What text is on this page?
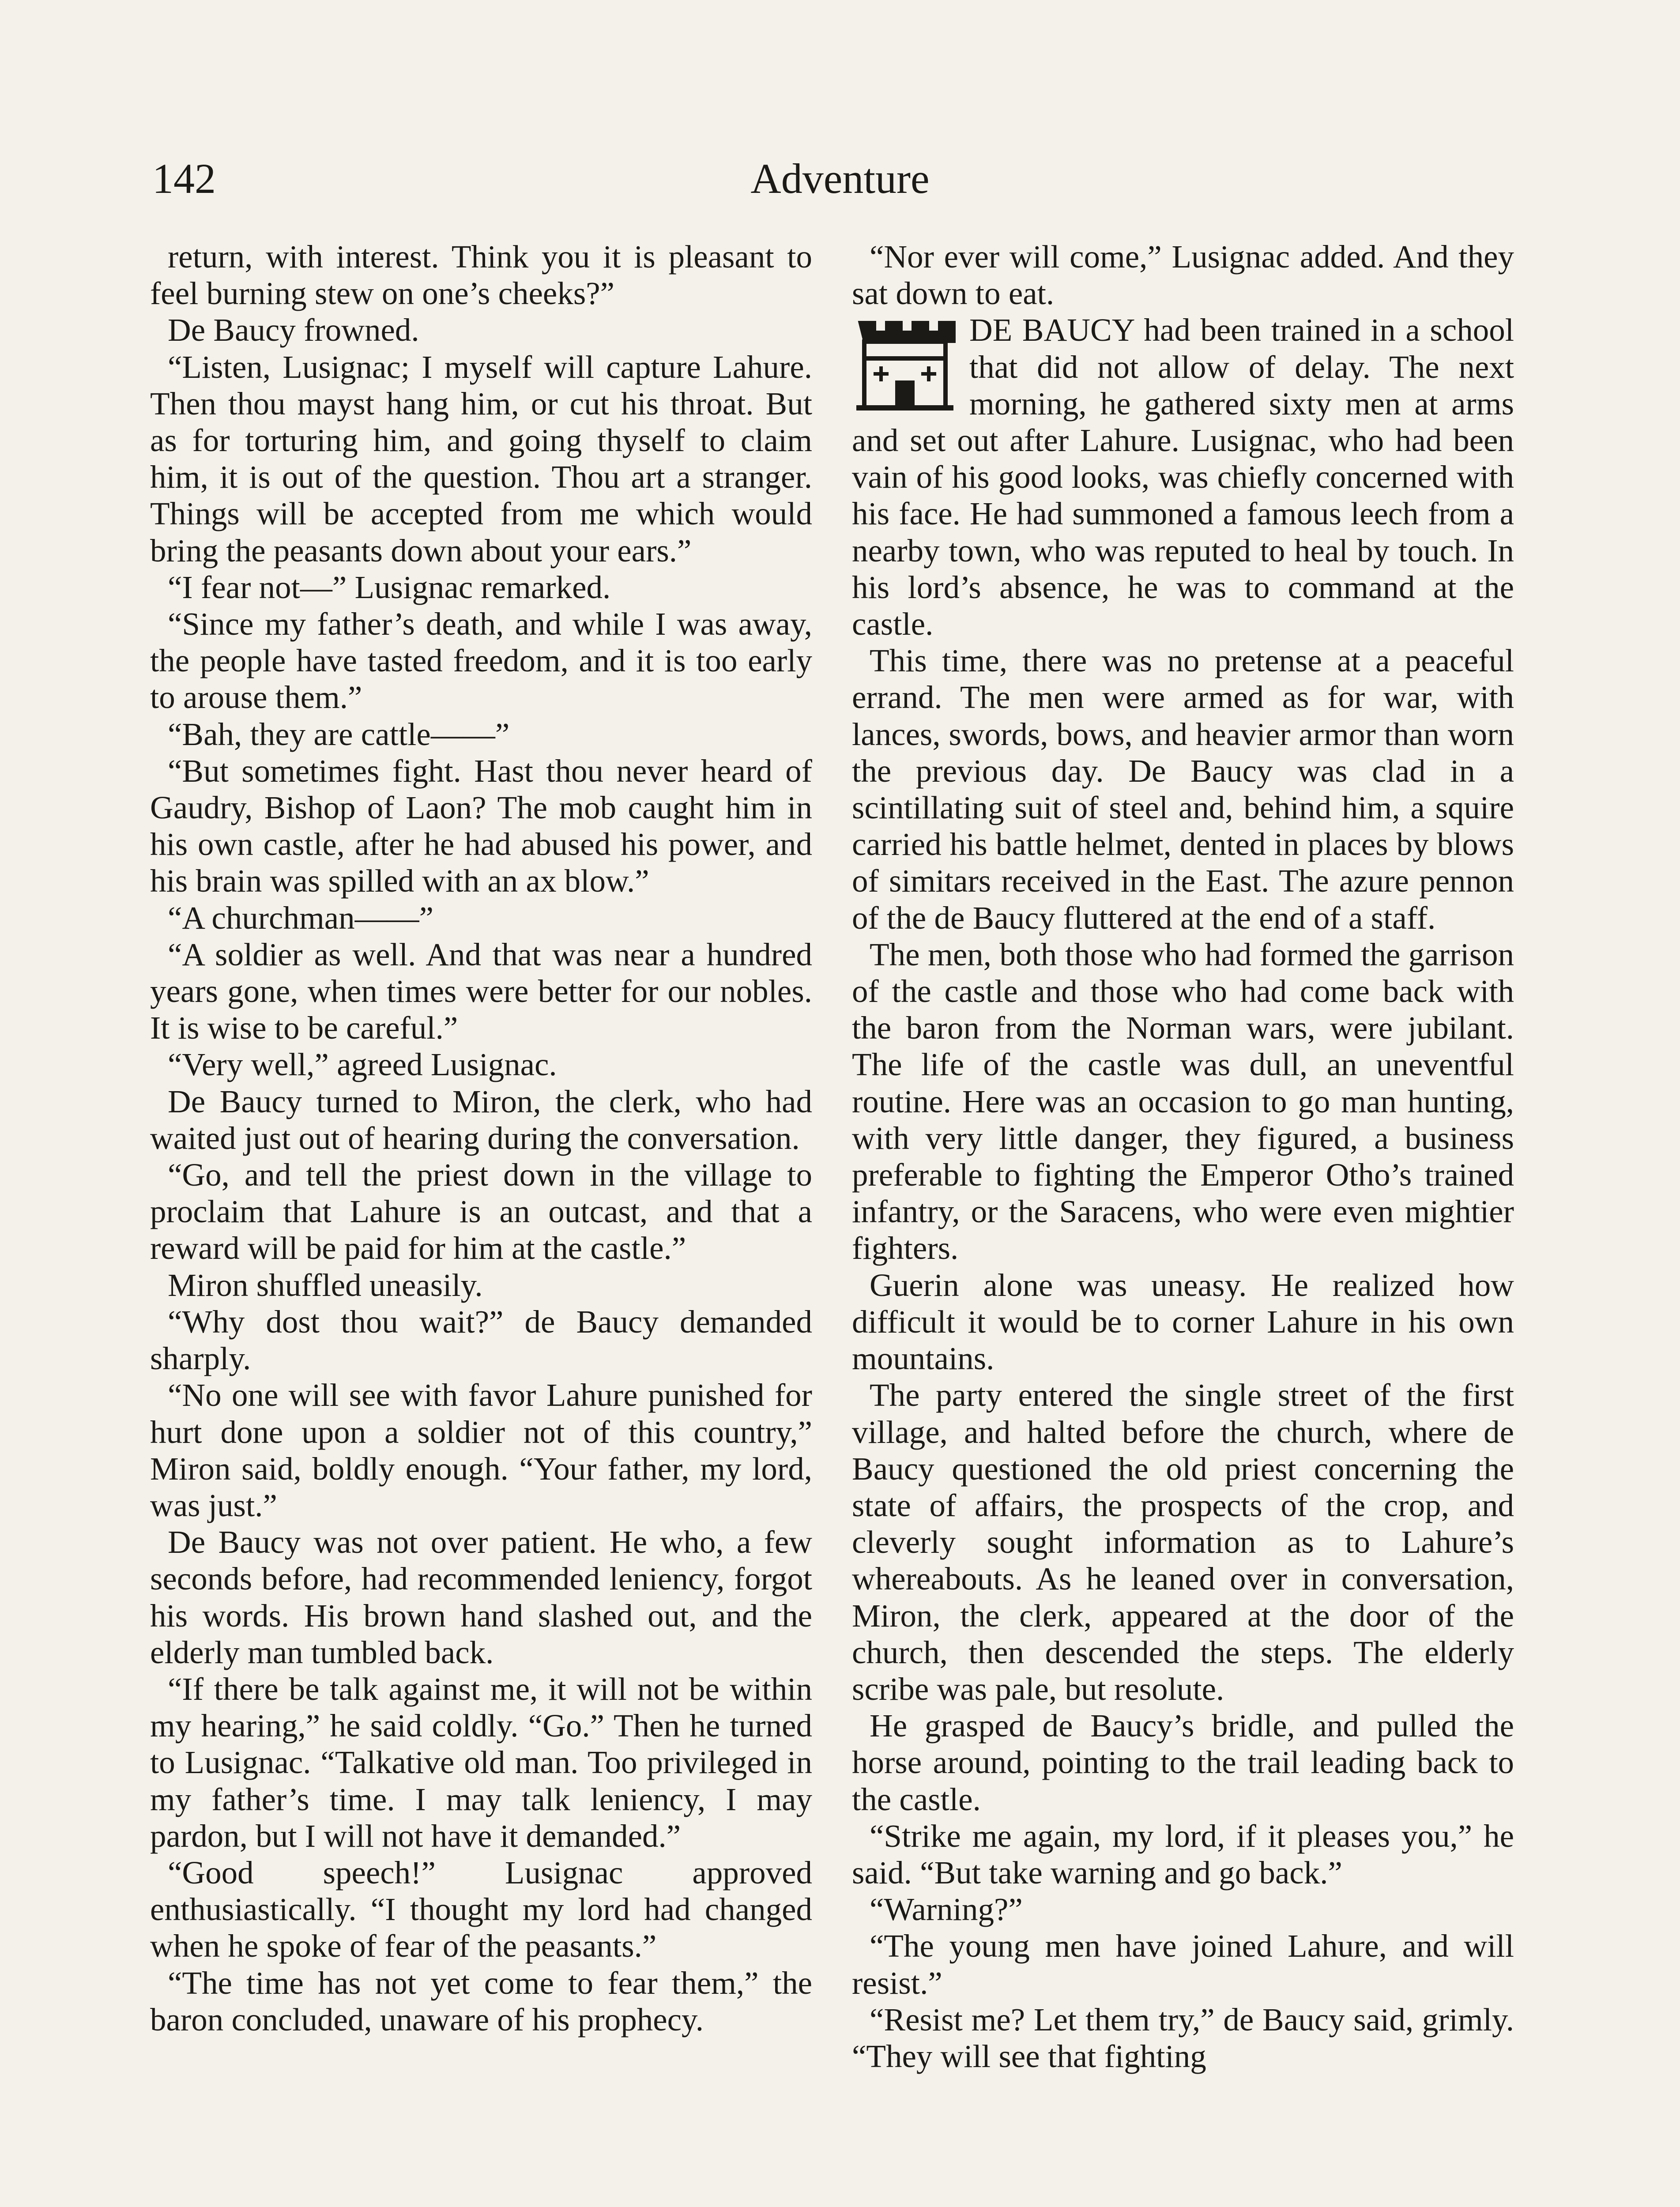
142	Adventure

return, with interest. Think you it is pleasant to feel burning stew on one’s cheeks?”

De Baucy frowned.

“Listen, Lusignac; I myself will capture Lahure. Then thou mayst hang him, or cut his throat. But as for torturing him, and going thyself to claim him, it is out of the question. Thou art a stranger. Things will be accepted from me which would bring the peasants down about your ears.”

“I fear not—” Lusignac remarked.

“Since my father’s death, and while I was away, the people have tasted freedom, and it is too early to arouse them.”

“Bah, they are cattle——”

“But sometimes fight. Hast thou never heard of Gaudry, Bishop of Laon? The mob caught him in his own castle, after he had abused his power, and his brain was spilled with an ax blow.”

“A churchman——”

“A soldier as well. And that was near a hundred years gone, when times were better for our nobles. It is wise to be careful.”

“Very well,” agreed Lusignac.

De Baucy turned to Miron, the clerk, who had waited just out of hearing during the conversation.

“Go, and tell the priest down in the village to proclaim that Lahure is an outcast, and that a reward will be paid for him at the castle.”

Miron shuffled uneasily.

“Why dost thou wait?” de Baucy demanded sharply.

“No one will see with favor Lahure punished for hurt done upon a soldier not of this country,” Miron said, boldly enough. “Your father, my lord, was just.”

De Baucy was not over patient. He who, a few seconds before, had recommended leniency, forgot his words. His brown hand slashed out, and the elderly man tumbled back.

“If there be talk against me, it will not be within my hearing,” he said coldly. “Go.” Then he turned to Lusignac. “Talkative old man. Too privileged in my father’s time. I may talk leniency, I may pardon, but I will not have it demanded.”

“Good speech!” Lusignac approved enthusiastically. “I thought my lord had changed when he spoke of fear of the peasants.”

“The time has not yet come to fear them,” the baron concluded, unaware of his prophecy.

“Nor ever will come,” Lusignac added. And they sat down to eat.

DE BAUCY had been trained in a school that did not allow of delay. The next morning, he gathered sixty men at arms and set out after Lahure. Lusignac, who had been vain of his good looks, was chiefly concerned with his face. He had summoned a famous leech from a nearby town, who was reputed to heal by touch. In his lord’s absence, he was to command at the castle.

This time, there was no pretense at a peaceful errand. The men were armed as for war, with lances, swords, bows, and heavier armor than worn the previous day. De Baucy was clad in a scintillating suit of steel and, behind him, a squire carried his battle helmet, dented in places by blows of simitars received in the East. The azure pennon of the de Baucy fluttered at the end of a staff.

The men, both those who had formed the garrison of the castle and those who had come back with the baron from the Norman wars, were jubilant. The life of the castle was dull, an uneventful routine. Here was an occasion to go man hunting, with very little danger, they figured, a business preferable to fighting the Emperor Otho’s trained infantry, or the Saracens, who were even mightier fighters.

Guerin alone was uneasy. He realized how difficult it would be to corner Lahure in his own mountains.

The party entered the single street of the first village, and halted before the church, where de Baucy questioned the old priest concerning the state of affairs, the prospects of the crop, and cleverly sought information as to Lahure’s whereabouts. As he leaned over in conversation, Miron, the clerk, appeared at the door of the church, then descended the steps. The elderly scribe was pale, but resolute.

He grasped de Baucy’s bridle, and pulled the horse around, pointing to the trail leading back to the castle.

“Strike me again, my lord, if it pleases you,” he said. “But take warning and go back.”

“Warning?”

“The young men have joined Lahure, and will resist.”

“Resist me? Let them try,” de Baucy said, grimly. “They will see that fighting
